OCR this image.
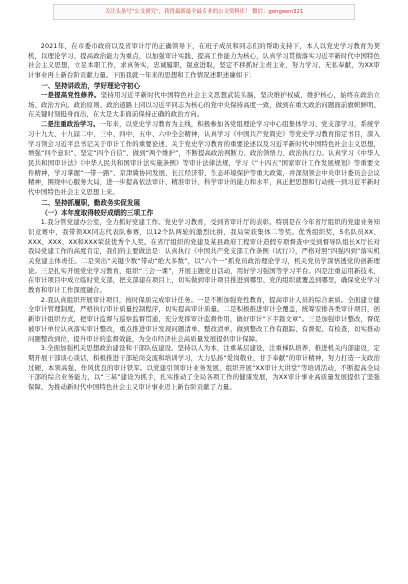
关注头条号“公文研究”，获得最新最全最专业的公文资料库！ 微信：gongwen321

2021年，在市委市政府以及省审计厅的正确领导下，在班子成员和同志们的帮助支持下，本人以党史学习教育为契机，以理论学习、提高政治能力为重点，以加强审计实践、提高工作能力为核心，认真学习贯彻落实习近平新时代中国特色社会主义思想，立足本职工作，求真务实，忠诚履职，锐意进取，坚定不移抓好主责主业，努力学习、无私奉献，为XX审计事业再上新台阶贡献力量。下面我就一年来的思想和工作情况述职述廉如下：

一、坚持讲政治，学好理论守初心

一是提高党性修养。坚持用习近平新时代中国特色社会主义思想武装头脑，坚决维护权威、维护核心，始终在政治立场、政治方向、政治原则、政治道路上同以习近平同志为核心的党中央保持高度一致，做到在重大政治问题面前旗帜鲜明、在关键时刻挺身而出，在大是大非面前保持正确的政治方向。

二是注重政治学习。一年来，以党史学习教育为主线，积极参加各党组理论学习中心组集体学习、党支部学习，系统学习十九大、十九届二中、三中、四中、五中、六中全会精神，认真学习《中国共产党简史》等党史学习教育指定书目，深入学习领会习近平总书记关于审计工作的重要论述、关于党史学习教育的重要论述以及习近平新时代中国特色社会主义思想，增强“四个意识”、坚定“四个自信”、做到“两个维护”，不断提高政治判断力、政治领悟力、政治执行力。认真学习《中华人民共和国审计法》《中华人民共和国审计法实施条例》等审计法律法规，学习《“十四五”国家审计工作发展规划》等重要文件精神，学习掌握“一带一路”、京津冀协同发展、长江经济带、生态环境保护等重大政策，并深刻领会中央审计委员会会议精神，围绕中心服务大局，进一步提高依法审计、精准审计、科学审计的能力和水平，真正把思想和行动统一到习近平新时代中国特色社会主义思想上来。

二、坚持抓履职，勤政务实促发展
（一）本年度取得较好成绩的三项工作

1.我分管党建办公室，全力抓好党建工作。党史学习教育，受到省审计厅的表彰。特别是在今年省厅组织的党建业务知识竞赛中，我带领XX同志代表队参赛，以12个队两轮的激烈比拼，我局荣获集体二等奖。优秀组织奖，5名队员XX、XXX、XXX、XX和XXX荣获优秀个人奖。在省厅组织的党建及某县政府工程审计造假专项督查中受到督导队组长X厅长对我局党建工作的高度肯定，我们的主要做法是：认真执行《中国共产党支部工作条例（试行）》，严格对照“四强四到”落实机关党建主体责任。二是突出“关键少数”带动“绝大多数”，以“六个一”抓党员政治理论学习，机关党员学深悟透党的创新理论。三是扎实开展党史学习教育，组织“三会一课”，开展主题党日活动，用好学习强国等学习平台。四是注重运用新技术，在审计项目中成立临时党支部，把支部建在项目上，切实做到审计项目推进到哪里、党的组织就覆盖到哪里，确保党史学习教育和审计工作深度融合。

2.我认真组织开展审计项目，按时保质完成审计任务。一是不断加强党性教育，提高审计人员的综合素质。全面建立健全审计管理制度，严格执行审计质量控制程序，切实提高审计质量。二是积极推进审计全覆盖，统筹安排各类审计项目，创新审计组织方式，把审计监督与巡察监督贯通，充分发挥审计监督作用，做好审计“下半篇文章”。三是加强审计整改，督促被审计单位认真落实审计整改，重点推进审计发现问题清单、整改清单，做到整改工作有跟踪、有督促、有检查，切实推动问题整改到位，提升审计的监督效能，为全市经济社会高质量发展提供审计保障。

3.全面加强机关思想政治建设和干部队伍建设。坚持以人为本，注重基层建设，注重梯队培养，推进机关内部建设，定期开展干部谈心谈话，积极推进干部轮岗交流和培训学习，大力弘扬“爱岗敬业、甘于奉献”的审计精神，努力打造一支政治过硬、本领高强、作风优良的审计铁军。以党建引领审计业务发展，组织开展“XX审计大讲堂”等培训活动，不断提高全局干部的综合业务能力，以“三基”建设为抓手，扎实推动了全局各项工作的健康发展，为XX审计事业高质量发展提供了坚强保障，为推动新时代中国特色社会主义审计事业迈上新台阶贡献了力量。
